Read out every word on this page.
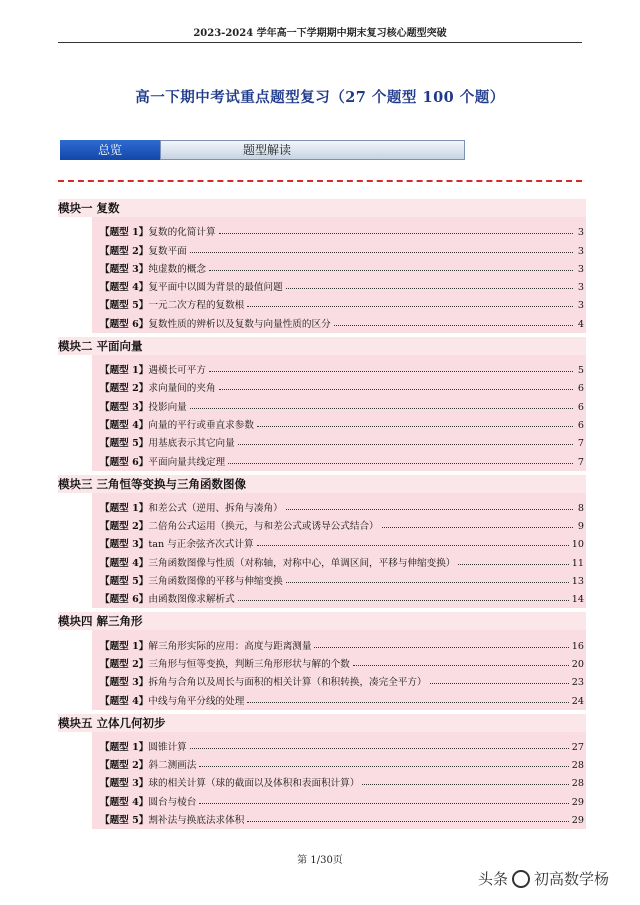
2023-2024 学年高一下学期期中期末复习核心题型突破
高一下期中考试重点题型复习（27 个题型 100 个题）
总览	题型解读
模块一 复数
【题型 1】 复数的化简计算	3
【题型 2】 复数平面	3
【题型 3】 纯虚数的概念	3
【题型 4】 复平面中以圆为背景的最值问题	3
【题型 5】 一元二次方程的复数根	3
【题型 6】 复数性质的辨析以及复数与向量性质的区分	4
模块二 平面向量
【题型 1】 遇模长可平方	5
【题型 2】 求向量间的夹角	6
【题型 3】 投影向量	6
【题型 4】 向量的平行或垂直求参数	6
【题型 5】 用基底表示其它向量	7
【题型 6】 平面向量共线定理	7
模块三 三角恒等变换与三角函数图像
【题型 1】 和差公式（逆用、拆角与凑角）	8
【题型 2】 二倍角公式运用（换元，与和差公式或诱导公式结合）	9
【题型 3】 tan 与正余弦齐次式计算	10
【题型 4】 三角函数图像与性质（对称轴，对称中心，单调区间，平移与伸缩变换）	11
【题型 5】 三角函数图像的平移与伸缩变换	13
【题型 6】 由函数图像求解析式	14
模块四 解三角形
【题型 1】 解三角形实际的应用：高度与距离测量	16
【题型 2】 三角形与恒等变换，判断三角形形状与解的个数	20
【题型 3】 拆角与合角以及周长与面积的相关计算（和积转换，凑完全平方）	23
【题型 4】 中线与角平分线的处理	24
模块五 立体几何初步
【题型 1】 圆锥计算	27
【题型 2】 斜二测画法	28
【题型 3】 球的相关计算（球的截面以及体积和表面积计算）	28
【题型 4】 圆台与棱台	29
【题型 5】 割补法与换底法求体积	29
第 1/30页
头条 初高数学杨
